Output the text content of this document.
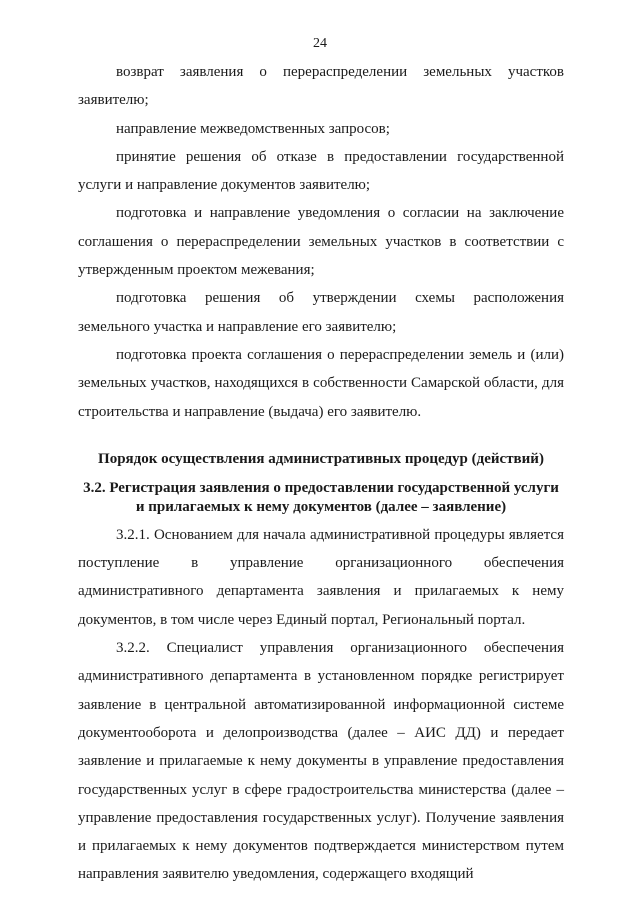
24

возврат заявления о перераспределении земельных участков заявителю;

направление межведомственных запросов;

принятие решения об отказе в предоставлении государственной услуги и направление документов заявителю;

подготовка и направление уведомления о согласии на заключение соглашения о перераспределении земельных участков в соответствии с утвержденным проектом межевания;

подготовка решения об утверждении схемы расположения земельного участка и направление его заявителю;

подготовка проекта соглашения о перераспределении земель и (или) земельных участков, находящихся в собственности Самарской области, для строительства и направление (выдача) его заявителю.

Порядок осуществления административных процедур (действий)
3.2. Регистрация заявления о предоставлении государственной услуги
и прилагаемых к нему документов (далее – заявление)

3.2.1. Основанием для начала административной процедуры является поступление в управление организационного обеспечения административного департамента заявления и прилагаемых к нему документов, в том числе через Единый портал, Региональный портал.

3.2.2. Специалист управления организационного обеспечения административного департамента в установленном порядке регистрирует заявление в центральной автоматизированной информационной системе документооборота и делопроизводства (далее – АИС ДД) и передает заявление и прилагаемые к нему документы в управление предоставления государственных услуг в сфере градостроительства министерства (далее – управление предоставления государственных услуг). Получение заявления и прилагаемых к нему документов подтверждается министерством путем направления заявителю уведомления, содержащего входящий
